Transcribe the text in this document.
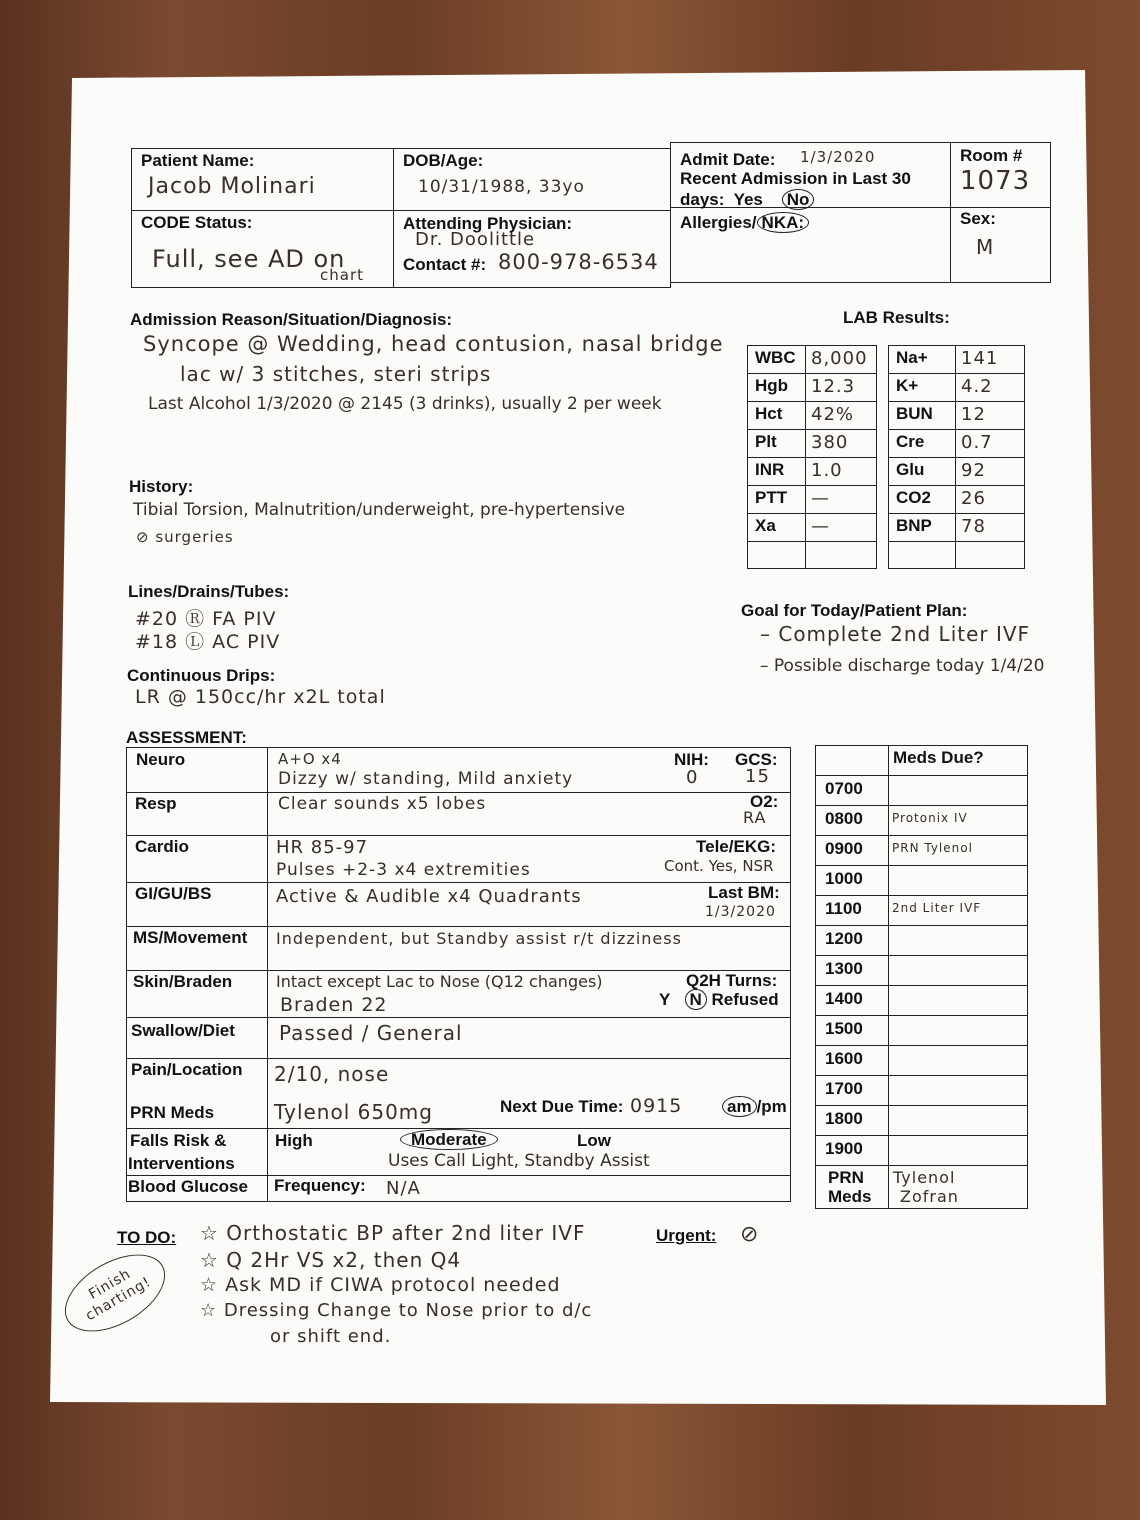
Patient Name:
Jacob Molinari
DOB/Age:
10/31/1988, 33yo
Admit Date: 1/3/2020
Recent Admission in Last 30
days: Yes No
Room #
1073
CODE Status:
Full, see AD on
chart
Attending Physician:
Dr. Doolittle
Contact #: 800-978-6534
Allergies/ NKA:	Sex:
M
Admission Reason/Situation/Diagnosis:
Syncope @ Wedding, head contusion, nasal bridge
lac w/ 3 stitches, steri strips
Last Alcohol 1/3/2020 @ 2145 (3 drinks), usually 2 per week
History:
Tibial Torsion, Malnutrition/underweight, pre-hypertensive
⊘ surgeries
Lines/Drains/Tubes:
#20 Ⓡ FA PIV
#18 Ⓛ AC PIV
Continuous Drips:
LR @ 150cc/hr x2L total
LAB Results:
WBC 8,000
Hgb 12.3
Hct 42%
Plt 380
INR 1.0
PTT —
Xa —
Na+ 141
K+ 4.2
BUN 12
Cre 0.7
Glu 92
CO2 26
BNP 78
Goal for Today/Patient Plan:
– Complete 2nd Liter IVF
– Possible discharge today 1/4/20
ASSESSMENT:
Neuro	A+O x4
Dizzy w/ standing, Mild anxiety
NIH:
0
GCS:
15
Resp	Clear sounds x5 lobes	O2:
RA
Cardio	HR 85-97
Pulses +2-3 x4 extremities
Tele/EKG:
Cont. Yes, NSR
GI/GU/BS	Active & Audible x4 Quadrants	Last BM:
1/3/2020
MS/Movement Independent, but Standby assist r/t dizziness
Skin/Braden	Intact except Lac to Nose (Q12 changes)
Braden 22
Q2H Turns:
Y N Refused
Swallow/Diet Passed / General
Pain/Location 2/10, nose
PRN Meds	Tylenol 650mg	Next Due Time: 0915	am /pm
Falls Risk &
Interventions
High	Moderate	Low
Uses Call Light, Standby Assist
Blood Glucose Frequency: N/A
Meds Due?
0700
0800 Protonix IV
0900 PRN Tylenol
1000
1100	2nd Liter IVF
1200
1300
1400
1500
1600
1700
1800
1900
PRN
Meds
Tylenol
Zofran
TO DO: ☆ Orthostatic BP after 2nd liter IVF
☆ Q 2Hr VS x2, then Q4
☆ Ask MD if CIWA protocol needed
☆ Dressing Change to Nose prior to d/c
or shift end.
Urgent: ⊘
Finish charting!
